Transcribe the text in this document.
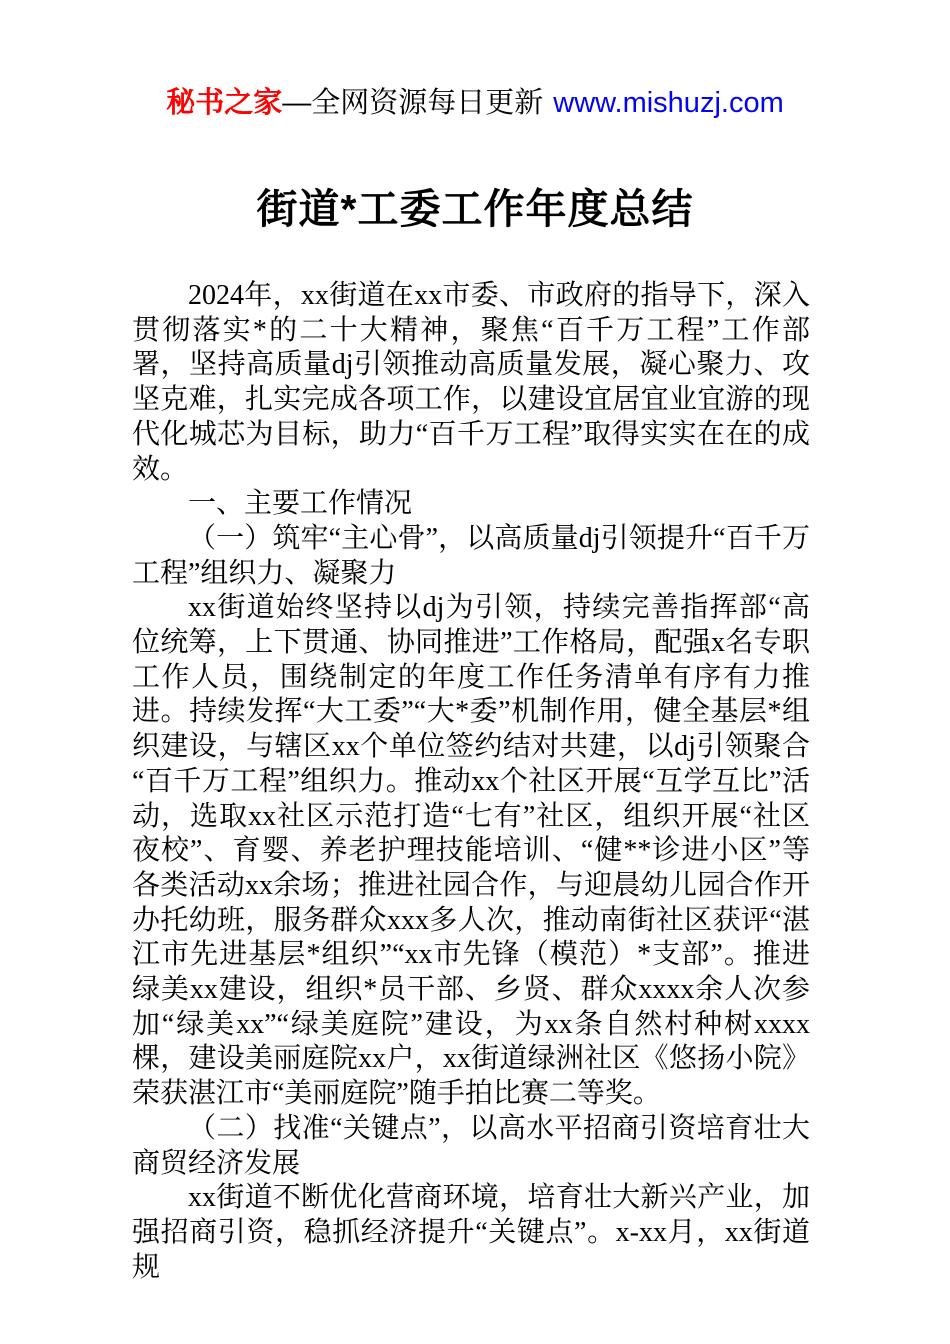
秘书之家—全网资源每日更新 www.mishuzj.com
街道*工委工作年度总结

2024年，xx街道在xx市委、市政府的指导下，深入贯彻落实*的二十大精神，聚焦“百千万工程”工作部署，坚持高质量dj引领推动高质量发展，凝心聚力、攻坚克难，扎实完成各项工作，以建设宜居宜业宜游的现代化城芯为目标，助力“百千万工程”取得实实在在的成效。

一、主要工作情况

（一）筑牢“主心骨”，以高质量dj引领提升“百千万工程”组织力、凝聚力

xx街道始终坚持以dj为引领，持续完善指挥部“高位统筹，上下贯通、协同推进”工作格局，配强x名专职工作人员，围绕制定的年度工作任务清单有序有力推进。持续发挥“大工委”“大*委”机制作用，健全基层*组织建设，与辖区xx个单位签约结对共建，以dj引领聚合“百千万工程”组织力。推动xx个社区开展“互学互比”活动，选取xx社区示范打造“七有”社区，组织开展“社区夜校”、育婴、养老护理技能培训、“健**诊进小区”等各类活动xx余场；推进社园合作，与迎晨幼儿园合作开办托幼班，服务群众xxx多人次，推动南街社区获评“湛江市先进基层*组织”“xx市先锋（模范）*支部”。推进绿美xx建设，组织*员干部、乡贤、群众xxxx余人次参加“绿美xx”“绿美庭院”建设，为xx条自然村种树xxxx棵，建设美丽庭院xx户，xx街道绿洲社区《悠扬小院》荣获湛江市“美丽庭院”随手拍比赛二等奖。

（二）找准“关键点”，以高水平招商引资培育壮大商贸经济发展

xx街道不断优化营商环境，培育壮大新兴产业，加强招商引资，稳抓经济提升“关键点”。x-xx月，xx街道规
